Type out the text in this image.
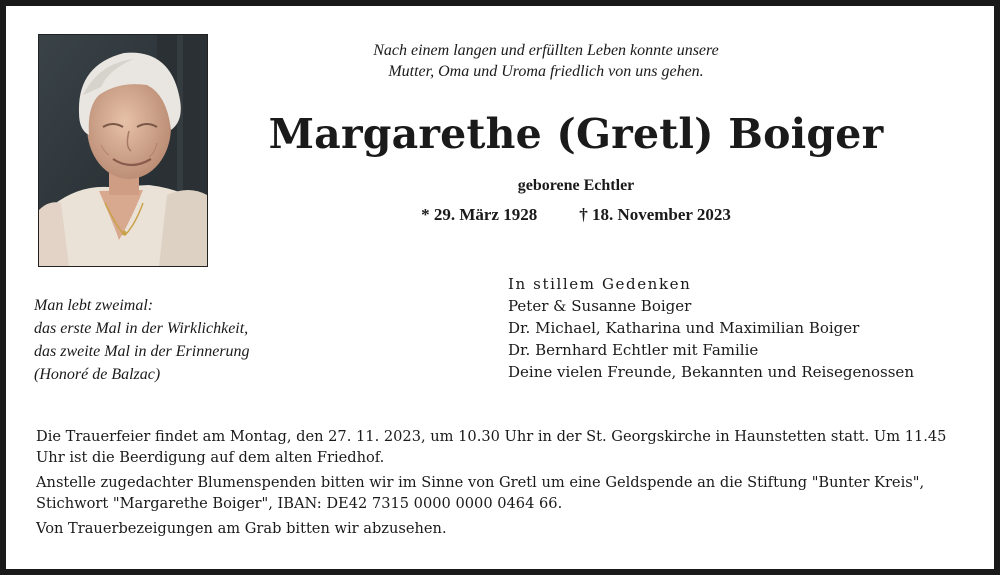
Nach einem langen und erfüllten Leben konnte unsere
Mutter, Oma und Uroma friedlich von uns gehen.
Margarethe (Gretl) Boiger
geborene Echtler
* 29. März 1928 † 18. November 2023
Man lebt zweimal:
das erste Mal in der Wirklichkeit,
das zweite Mal in der Erinnerung
(Honoré de Balzac)
In stillem Gedenken
Peter & Susanne Boiger
Dr. Michael, Katharina und Maximilian Boiger
Dr. Bernhard Echtler mit Familie
Deine vielen Freunde, Bekannten und Reisegenossen

Die Trauerfeier findet am Montag, den 27. 11. 2023, um 10.30 Uhr in der St. Georgskirche in Haunstetten statt. Um 11.45 Uhr ist die Beerdigung auf dem alten Friedhof.

Anstelle zugedachter Blumenspenden bitten wir im Sinne von Gretl um eine Geldspende an die Stiftung "Bunter Kreis", Stichwort "Margarethe Boiger", IBAN: DE42 7315 0000 0000 0464 66.

Von Trauerbezeigungen am Grab bitten wir abzusehen.
